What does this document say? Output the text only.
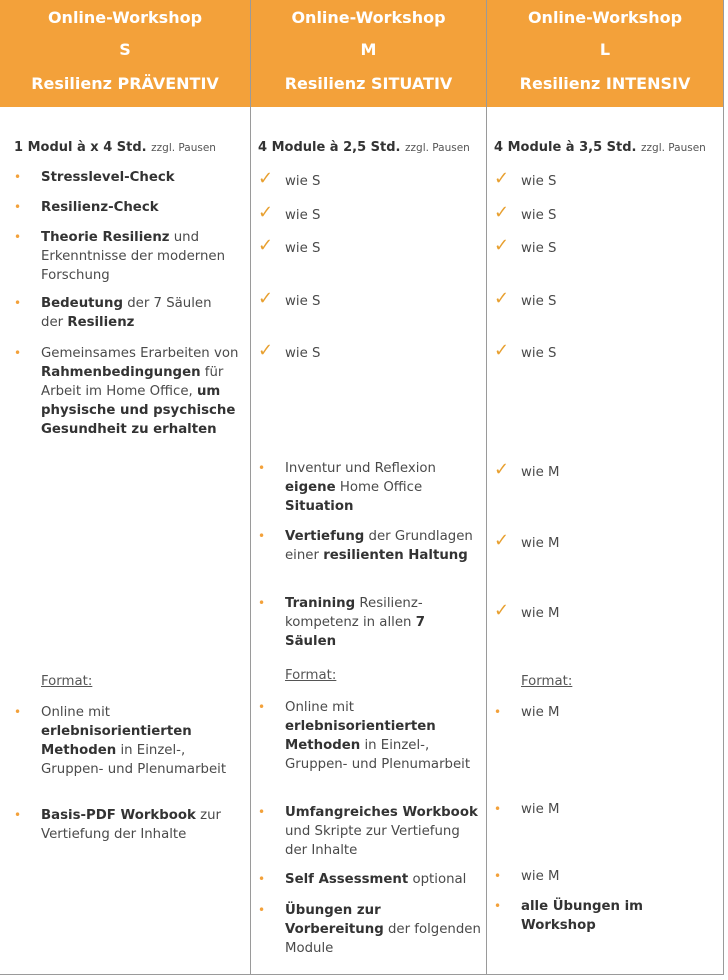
Online-Workshop
S
Resilienz PRÄVENTIV
Online-Workshop
M
Resilienz SITUATIV
Online-Workshop
L
Resilienz INTENSIV
1 Modul à x 4 Std. zzgl. Pausen	4 Module à 2,5 Std. zzgl. Pausen 4 Module à 3,5 Std. zzgl. Pausen
• Stresslevel-Check
• Resilienz-Check
• Theorie Resilienz und Erkenntnisse der modernen Forschung
• Bedeutung der 7 Säulen der Resilienz
• Gemeinsames Erarbeiten von Rahmenbedingungen für Arbeit im Home Office, um physische und psychische Gesundheit zu erhalten
Format:
• Online mit erlebnisorientierten Methoden in Einzel-, Gruppen- und Plenumarbeit
• Basis-PDF Workbook zur Vertiefung der Inhalte
✓ wie S
✓ wie S
✓ wie S
✓ wie S
✓ wie S
• Inventur und Reflexion eigene Home Office Situation
• Vertiefung der Grundlagen einer resilienten Haltung
• Tranining Resilienz-kompetenz in allen 7 Säulen
Format:
• Online mit erlebnisorientierten Methoden in Einzel-, Gruppen- und Plenumarbeit
• Umfangreiches Workbook und Skripte zur Vertiefung der Inhalte
• Self Assessment optional
• Übungen zur Vorbereitung der folgenden Module
✓ wie S
✓ wie S
✓ wie S
✓ wie S
✓ wie S
✓ wie M
✓ wie M
✓ wie M
Format:
• wie M
• wie M
• wie M
• alle Übungen im Workshop
